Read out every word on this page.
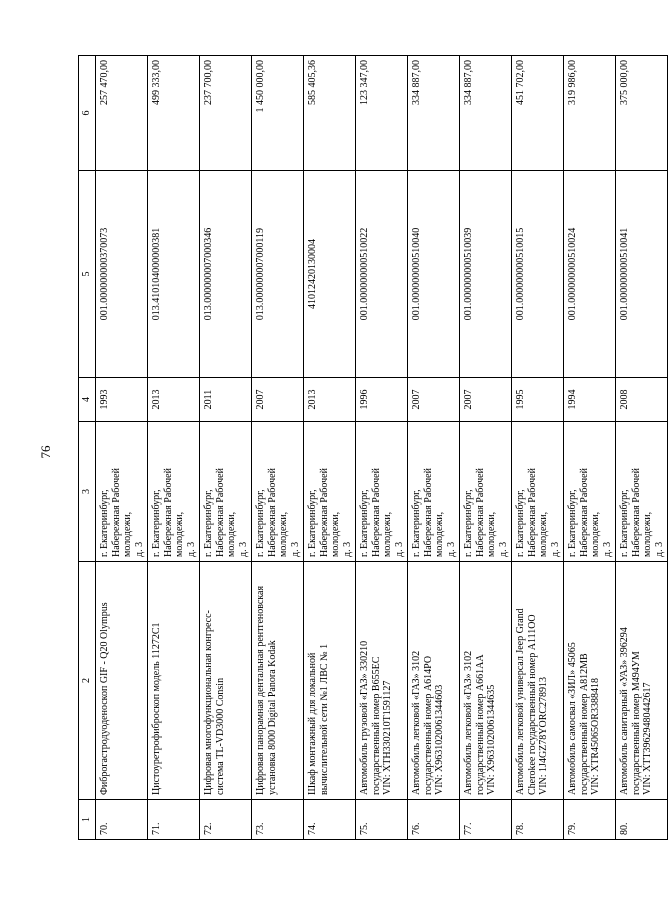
76
1	2	3	4	5	6
70.	Фиброгастродуоденоскоп GIF - Q20 Olympus	г. Екатеринбург,
Набережная Рабочей молодежи,
д. 3	1993	001.000000000370073	257 470,00
71.	Цистоуретрофиброскоп модель 11272С1	г. Екатеринбург,
Набережная Рабочей молодежи,
д. 3	2013	013.410104000000381	499 333,00
72.	Цифровая многофункциональная конгресс-
система TL-VD3000 Consin	г. Екатеринбург,
Набережная Рабочей молодежи,
д. 3	2011	013.000000007000346	237 700,00
73.	Цифровая панорамная дентальная рентгеновская
установка 8000 Digital Panora Kodak	г. Екатеринбург,
Набережная Рабочей молодежи,
д. 3	2007	013.000000007000119	1 450 000,00
74.	Шкаф монтажный для локальной
вычислительной сети №1 ЛВС № 1	г. Екатеринбург,
Набережная Рабочей молодежи,
д. 3	2013	41012420130004	585 405,36
75.	Автомобиль грузовой «ГАЗ» 330210
государственный номер В655ЕС
VIN: XTH330210T1591127	г. Екатеринбург,
Набережная Рабочей молодежи,
д. 3	1996	001.000000000510022	123 347,00
76.	Автомобиль легковой «ГАЗ» 3102
государственный номер А614РО
VIN: X9631020061344603	г. Екатеринбург,
Набережная Рабочей молодежи,
д. 3	2007	001.000000000510040	334 887,00
77.	Автомобиль легковой «ГАЗ» 3102
государственный номер А661АА
VIN: X9631020061344635	г. Екатеринбург,
Набережная Рабочей молодежи,
д. 3	2007	001.000000000510039	334 887,00
78.	Автомобиль легковой универсал Jeep Grand
Cherokee государственный номер А111ОО
VIN: 1J4GZ78YORC278913	г. Екатеринбург,
Набережная Рабочей молодежи,
д. 3	1995	001.000000000510015	451 702,00
79.	Автомобиль самосвал «ЗИЛ» 45065
государственный номер А812МВ
VIN: XTR45065OR3388418	г. Екатеринбург,
Набережная Рабочей молодежи,
д. 3	1994	001.000000000510024	319 986,00
80.	Автомобиль санитарный «УАЗ» 396294
государственный номер М494УМ
VIN: XTT39629480442617	г. Екатеринбург,
Набережная Рабочей молодежи,
д. 3	2008	001.000000000510041	375 000,00
